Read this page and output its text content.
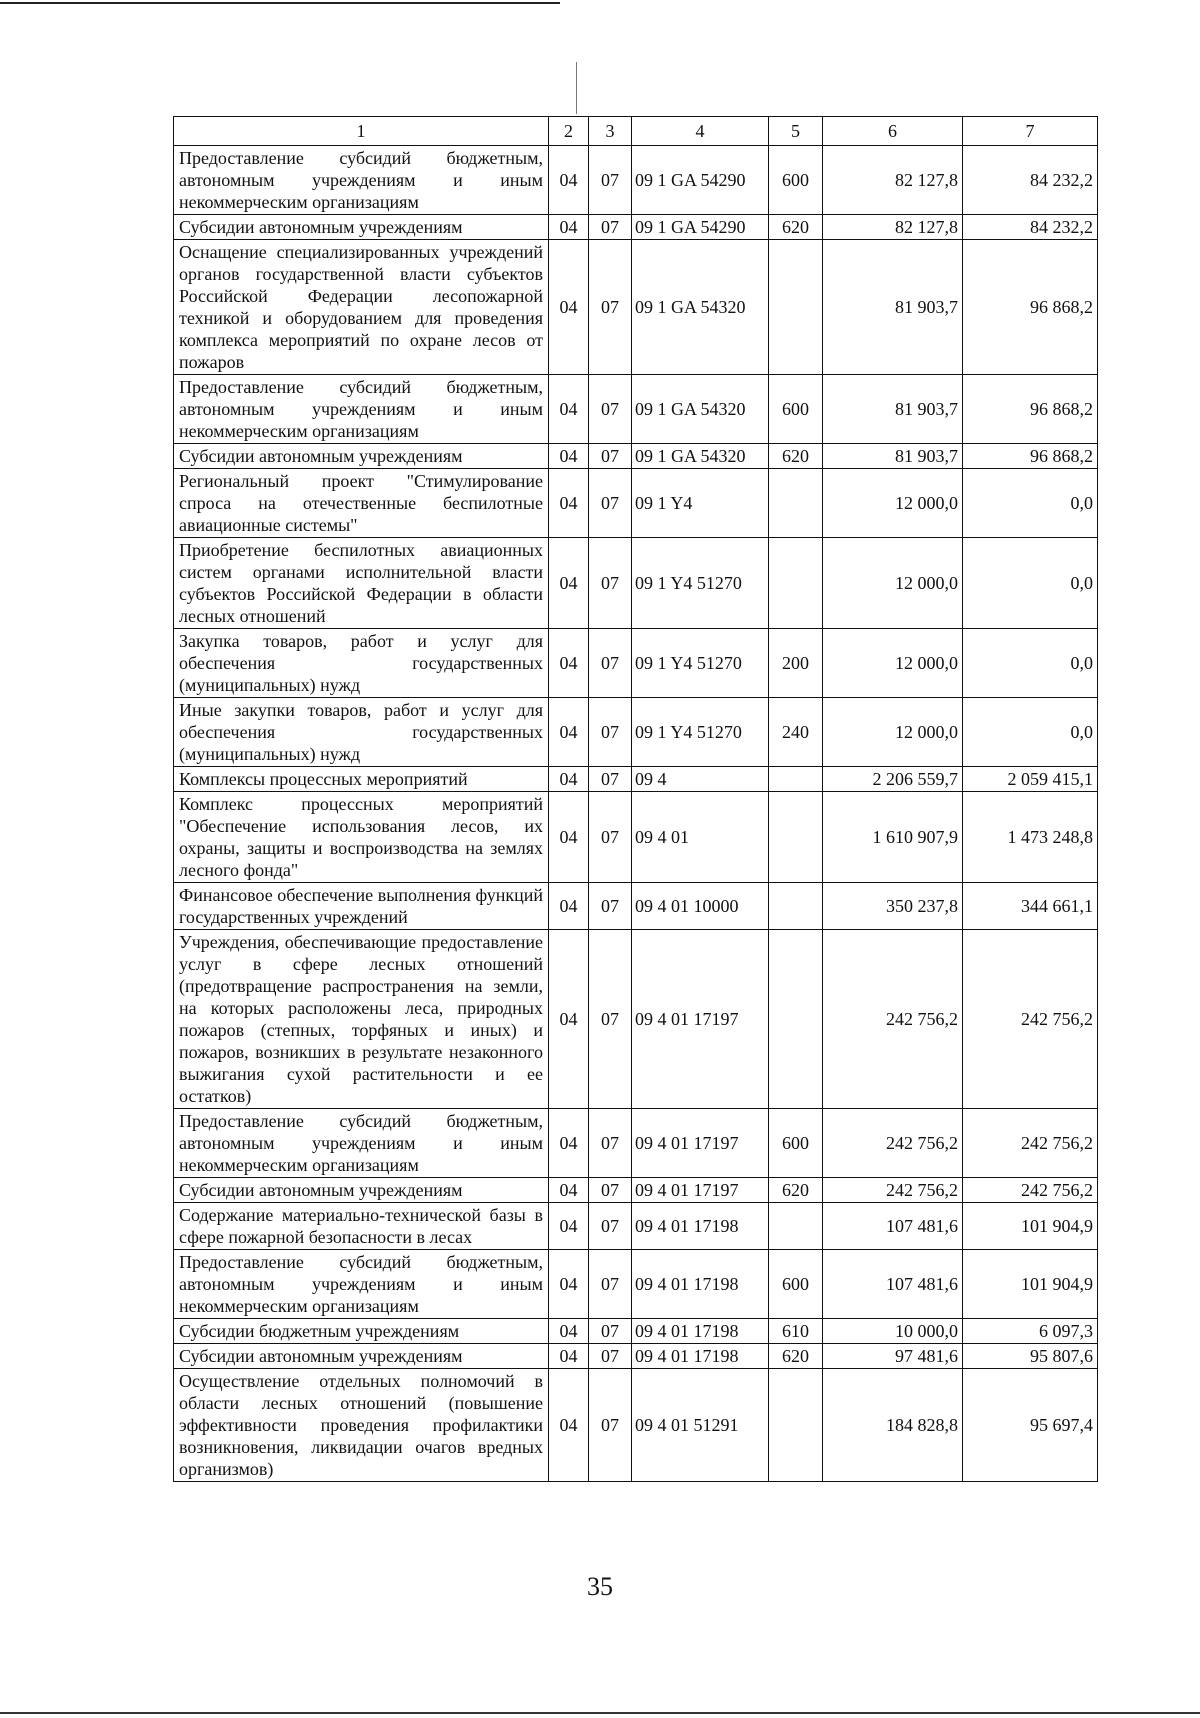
1	2	3	4	5	6	7
Предоставление субсидий бюджетным, автономным учреждениям и иным некоммерческим организациям	04	07	09 1 GA 54290	600	82 127,8	84 232,2
Субсидии автономным учреждениям	04	07	09 1 GA 54290	620	82 127,8	84 232,2
Оснащение специализированных учреждений органов государственной власти субъектов Российской Федерации лесопожарной техникой и оборудованием для проведения комплекса мероприятий по охране лесов от пожаров	04	07	09 1 GA 54320		81 903,7	96 868,2
Предоставление субсидий бюджетным, автономным учреждениям и иным некоммерческим организациям	04	07	09 1 GA 54320	600	81 903,7	96 868,2
Субсидии автономным учреждениям	04	07	09 1 GA 54320	620	81 903,7	96 868,2
Региональный проект "Стимулирование спроса на отечественные беспилотные авиационные системы"	04	07	09 1 Y4		12 000,0	0,0
Приобретение беспилотных авиационных систем органами исполнительной власти субъектов Российской Федерации в области лесных отношений	04	07	09 1 Y4 51270		12 000,0	0,0
Закупка товаров, работ и услуг для обеспечения государственных (муниципальных) нужд	04	07	09 1 Y4 51270	200	12 000,0	0,0
Иные закупки товаров, работ и услуг для обеспечения государственных (муниципальных) нужд	04	07	09 1 Y4 51270	240	12 000,0	0,0
Комплексы процессных мероприятий	04	07	09 4		2 206 559,7	2 059 415,1
Комплекс процессных мероприятий "Обеспечение использования лесов, их охраны, защиты и воспроизводства на землях лесного фонда"	04	07	09 4 01		1 610 907,9	1 473 248,8
Финансовое обеспечение выполнения функций государственных учреждений	04	07	09 4 01 10000		350 237,8	344 661,1
Учреждения, обеспечивающие предоставление услуг в сфере лесных отношений (предотвращение распространения на земли, на которых расположены леса, природных пожаров (степных, торфяных и иных) и пожаров, возникших в результате незаконного выжигания сухой растительности и ее остатков)	04	07	09 4 01 17197		242 756,2	242 756,2
Предоставление субсидий бюджетным, автономным учреждениям и иным некоммерческим организациям	04	07	09 4 01 17197	600	242 756,2	242 756,2
Субсидии автономным учреждениям	04	07	09 4 01 17197	620	242 756,2	242 756,2
Содержание материально-технической базы в сфере пожарной безопасности в лесах	04	07	09 4 01 17198		107 481,6	101 904,9
Предоставление субсидий бюджетным, автономным учреждениям и иным некоммерческим организациям	04	07	09 4 01 17198	600	107 481,6	101 904,9
Субсидии бюджетным учреждениям	04	07	09 4 01 17198	610	10 000,0	6 097,3
Субсидии автономным учреждениям	04	07	09 4 01 17198	620	97 481,6	95 807,6
Осуществление отдельных полномочий в области лесных отношений (повышение эффективности проведения профилактики возникновения, ликвидации очагов вредных организмов)	04	07	09 4 01 51291		184 828,8	95 697,4
35
